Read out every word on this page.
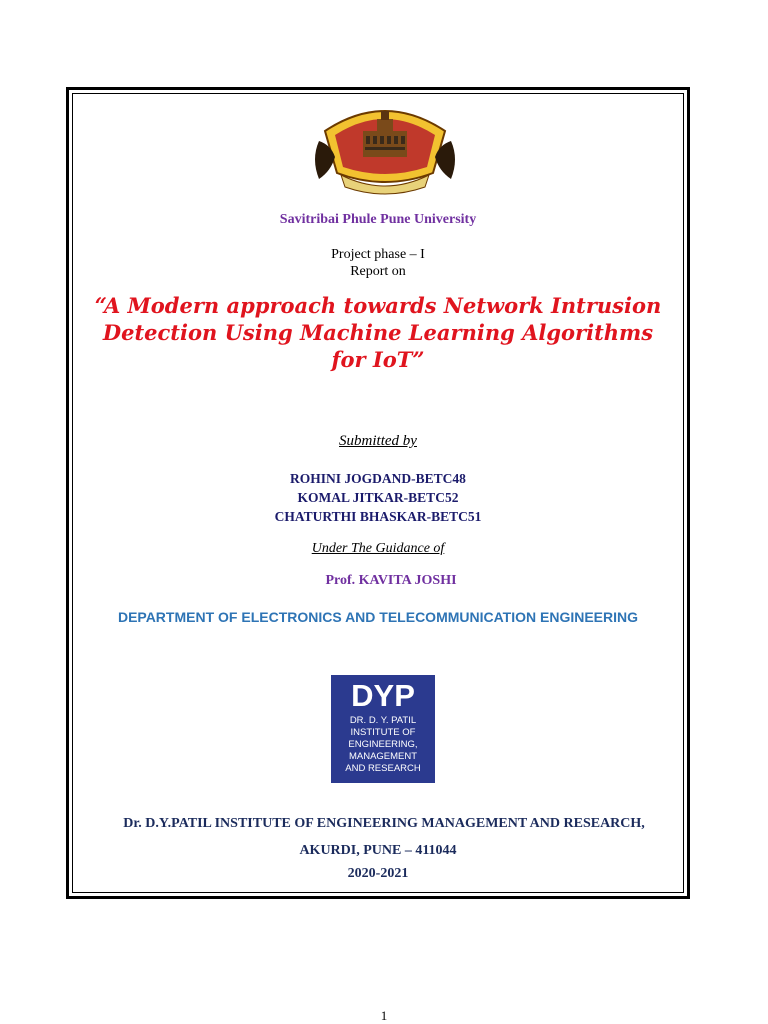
Savitribai Phule Pune University
Project phase – I
Report on
“A Modern approach towards Network Intrusion Detection Using Machine Learning Algorithms for IoT”
Submitted by
ROHINI JOGDAND-BETC48
KOMAL JITKAR-BETC52
CHATURTHI BHASKAR-BETC51
Under The Guidance of
Prof. KAVITA JOSHI
DEPARTMENT OF ELECTRONICS AND TELECOMMUNICATION ENGINEERING
DYP
DR. D. Y. PATIL
INSTITUTE OF
ENGINEERING,
MANAGEMENT
AND RESEARCH
Dr. D.Y.PATIL INSTITUTE OF ENGINEERING MANAGEMENT AND RESEARCH,
AKURDI, PUNE – 411044
2020-2021
1
